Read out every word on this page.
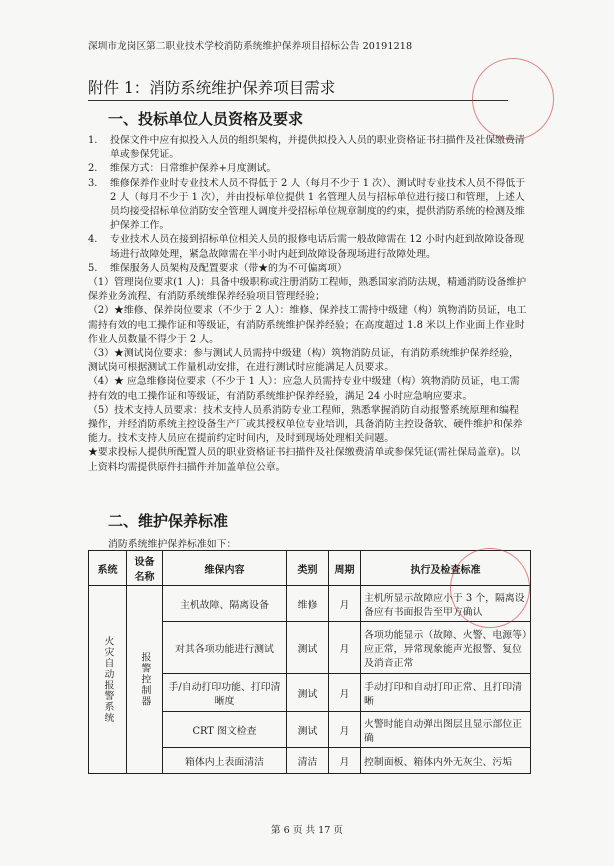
深圳市龙岗区第二职业技术学校消防系统维护保养项目招标公告 20191218
附件 1：消防系统维护保养项目需求
一、投标单位人员资格及要求
1.	投保文件中应有拟投入人员的组织架构，并提供拟投入人员的职业资格证书扫描件及社保缴费清单或参保凭证。
2.	维保方式：日常维护保养+月度测试。
3.	维修保养作业时专业技术人员不得低于 2 人（每月不少于 1 次）、测试时专业技术人员不得低于 2 人（每月不少于 1 次），并由投标单位提供 1 名管理人员与招标单位进行接口和管理，上述人员均接受招标单位消防安全管理人调度并受招标单位规章制度的约束，提供消防系统的检测及维护保养工作。
4.	专业技术人员在接到招标单位相关人员的报修电话后需一般故障需在 12 小时内赶到故障设备现场进行故障处理，紧急故障需在半小时内赶到故障设备现场进行故障处理。
5.	维保服务人员架构及配置要求（带★的为不可偏离项）

（1）管理岗位要求(1 人)：具备中级职称或注册消防工程师，熟悉国家消防法规，精通消防设备维护保养业务流程、有消防系统维保养经验项目管理经验；

（2）★维修、保养岗位要求（不少于 2 人）：维修、保养技工需持中级建（构）筑物消防员证，电工需持有效的电工操作证和等级证，有消防系统维护保养经验；在高度超过 1.8 米以上作业面上作业时作业人员数量不得少于 2 人。

（3）★测试岗位要求：参与测试人员需持中级建（构）筑物消防员证，有消防系统维护保养经验，测试岗可根据测试工作量机动安排，在进行测试时应能满足人员要求。

（4）★ 应急维修岗位要求（不少于 1 人）：应急人员需持专业中级建（构）筑物消防员证，电工需持有效的电工操作证和等级证，有消防系统维护保养经验，满足 24 小时应急响应要求。

（5）技术支持人员要求：技术支持人员系消防专业工程师，熟悉掌握消防自动报警系统原理和编程操作，并经消防系统主控设备生产厂或其授权单位专业培训，具备消防主控设备软、硬件维护和保养能力。技术支持人员应在提前约定时间内，及时到现场处理相关问题。

★要求投标人提供所配置人员的职业资格证书扫描件及社保缴费清单或参保凭证(需社保局盖章)。以上资料均需提供原件扫描件并加盖单位公章。

二、维护保养标准
消防系统维护保养标准如下：
系统	设备名称	维保内容	类别	周期	执行及检查标准

火灾自动报警系统	报警控制器	主机故障、隔离设备	维修	月	主机所显示故障应小于 3 个，隔离设备应有书面报告至甲方确认
		对其各项功能进行测试	测试	月	各项功能显示（故障、火警、电源等）应正常，异常现象能声光报警、复位及消音正常
		手/自动打印功能、打印清晰度	测试	月	手动打印和自动打印正常、且打印清晰
		CRT 图文检查	测试	月	火警时能自动弹出图层且显示部位正确
		箱体内上表面清洁	清洁	月	控制面板、箱体内外无灰尘、污垢
第 6 页 共 17 页
